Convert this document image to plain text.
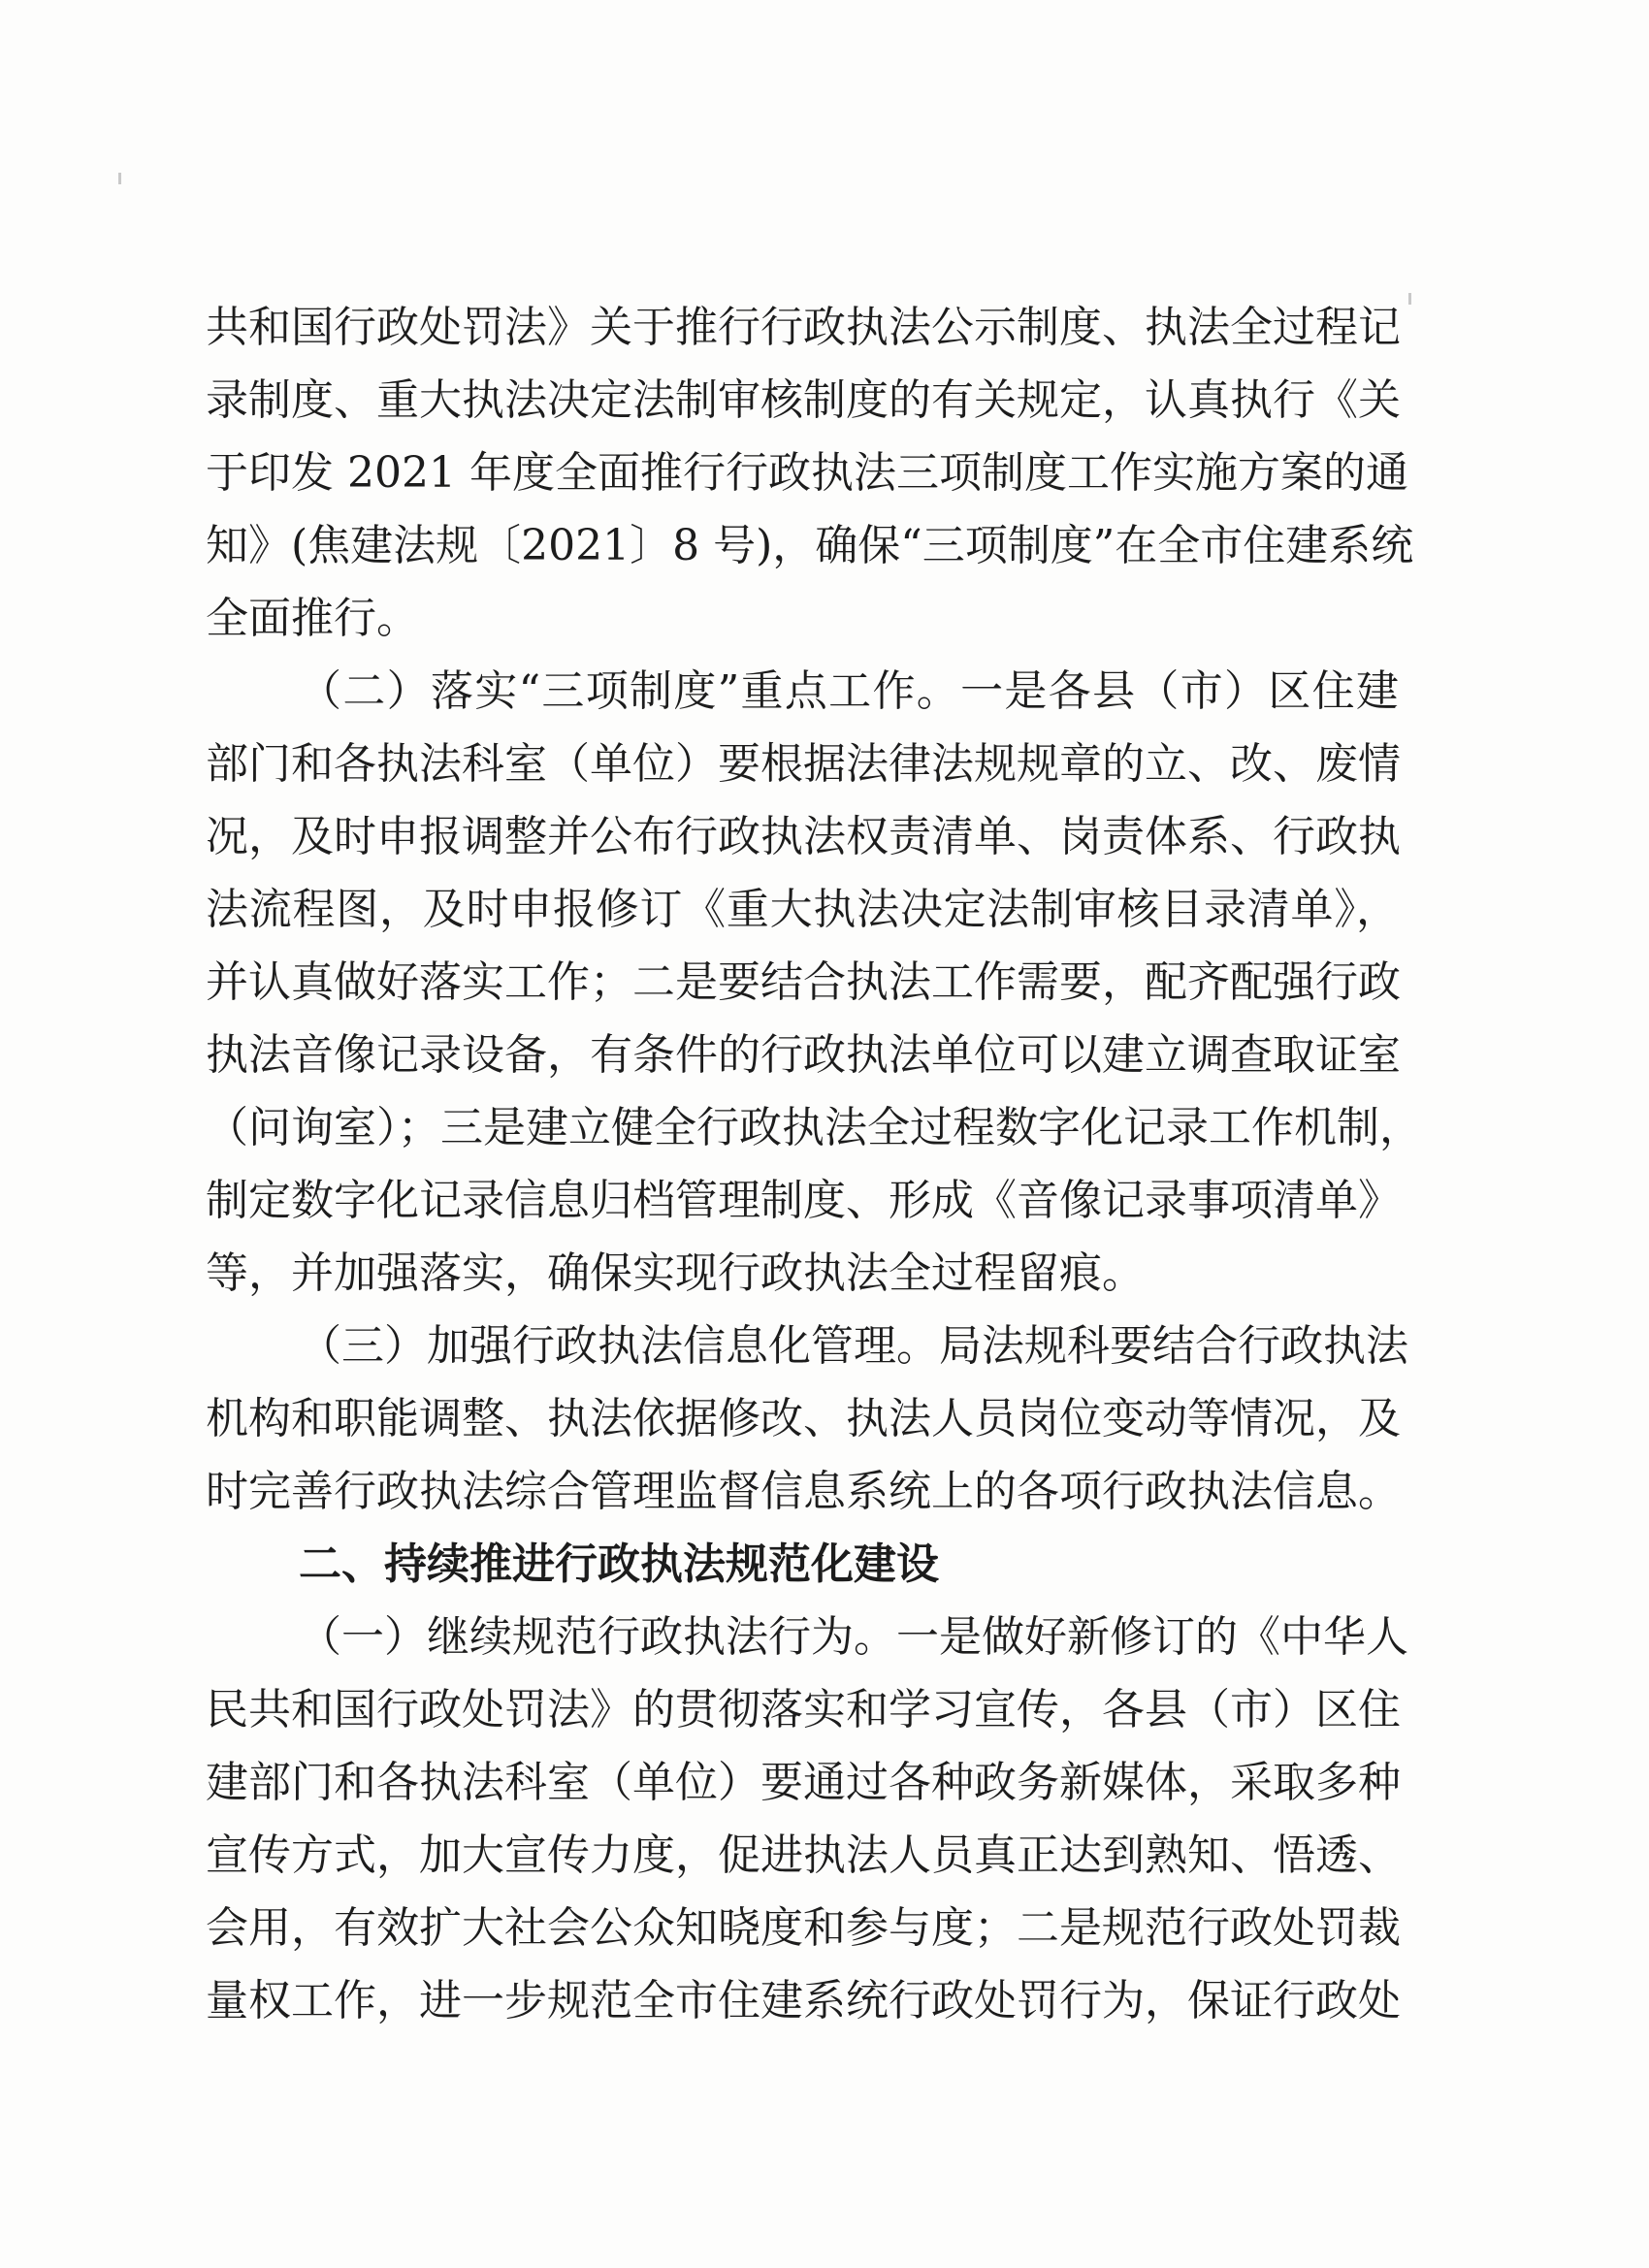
共和国行政处罚法》关于推行行政执法公示制度、执法全过程记
录制度、重大执法决定法制审核制度的有关规定，认真执行《关
于印发 2021 年度全面推行行政执法三项制度工作实施方案的通
知》(焦建法规〔2021〕8 号)，确保“三项制度”在全市住建系统
全面推行。
（二）落实“三项制度”重点工作。一是各县（市）区住建
部门和各执法科室（单位）要根据法律法规规章的立、改、废情
况，及时申报调整并公布行政执法权责清单、岗责体系、行政执
法流程图，及时申报修订《重大执法决定法制审核目录清单》，
并认真做好落实工作；二是要结合执法工作需要，配齐配强行政
执法音像记录设备，有条件的行政执法单位可以建立调查取证室
（问询室）；三是建立健全行政执法全过程数字化记录工作机制，
制定数字化记录信息归档管理制度、形成《音像记录事项清单》
等，并加强落实，确保实现行政执法全过程留痕。
（三）加强行政执法信息化管理。局法规科要结合行政执法
机构和职能调整、执法依据修改、执法人员岗位变动等情况，及
时完善行政执法综合管理监督信息系统上的各项行政执法信息。
二、持续推进行政执法规范化建设
（一）继续规范行政执法行为。一是做好新修订的《中华人
民共和国行政处罚法》的贯彻落实和学习宣传，各县（市）区住
建部门和各执法科室（单位）要通过各种政务新媒体，采取多种
宣传方式，加大宣传力度，促进执法人员真正达到熟知、悟透、
会用，有效扩大社会公众知晓度和参与度；二是规范行政处罚裁
量权工作，进一步规范全市住建系统行政处罚行为，保证行政处
